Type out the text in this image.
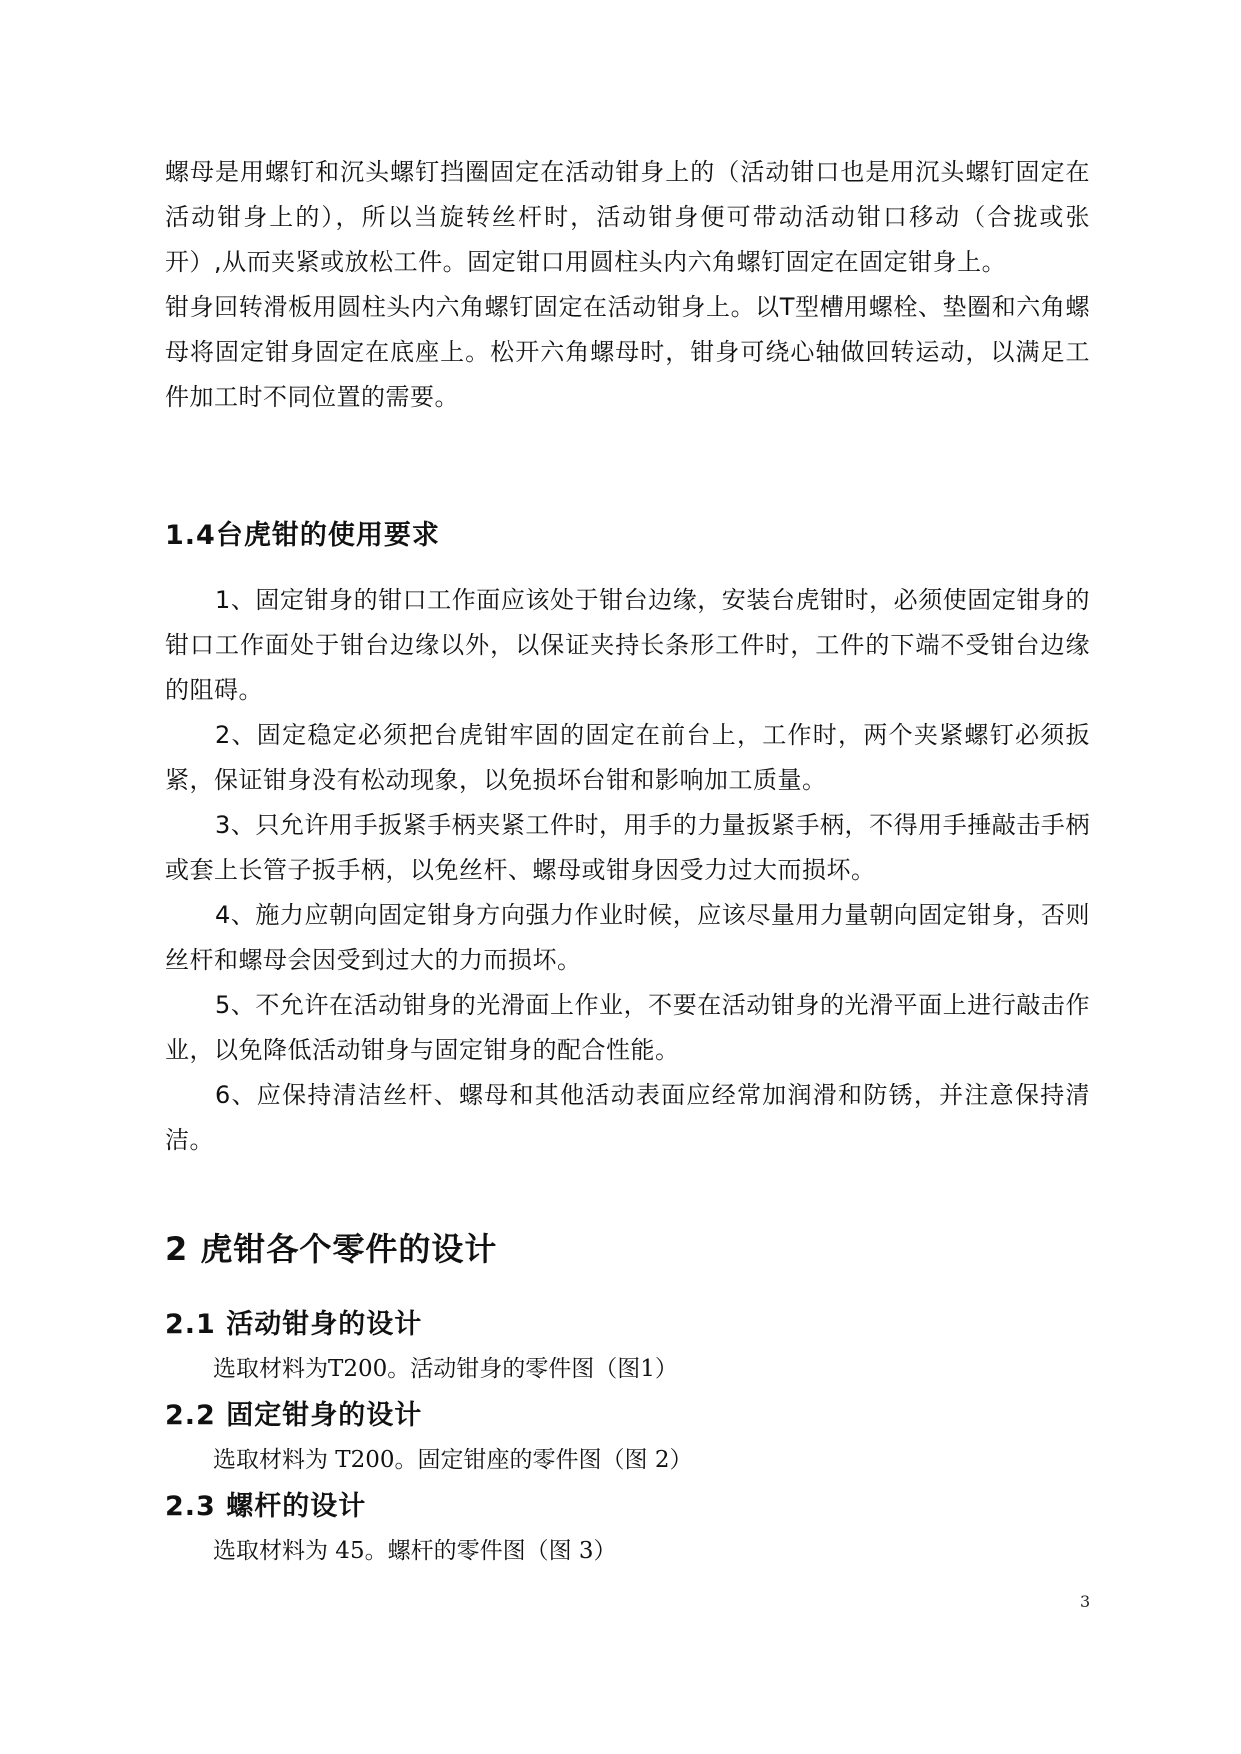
螺母是用螺钉和沉头螺钉挡圈固定在活动钳身上的（活动钳口也是用沉头螺钉固定在活动钳身上的），所以当旋转丝杆时，活动钳身便可带动活动钳口移动（合拢或张开）,从而夹紧或放松工件。固定钳口用圆柱头内六角螺钉固定在固定钳身上。

钳身回转滑板用圆柱头内六角螺钉固定在活动钳身上。以T型槽用螺栓、垫圈和六角螺母将固定钳身固定在底座上。松开六角螺母时，钳身可绕心轴做回转运动，以满足工件加工时不同位置的需要。

1.4台虎钳的使用要求

1、固定钳身的钳口工作面应该处于钳台边缘，安装台虎钳时，必须使固定钳身的钳口工作面处于钳台边缘以外，以保证夹持长条形工件时，工件的下端不受钳台边缘的阻碍。

2、固定稳定必须把台虎钳牢固的固定在前台上，工作时，两个夹紧螺钉必须扳紧，保证钳身没有松动现象，以免损坏台钳和影响加工质量。

3、只允许用手扳紧手柄夹紧工件时，用手的力量扳紧手柄，不得用手捶敲击手柄或套上长管子扳手柄，以免丝杆、螺母或钳身因受力过大而损坏。

4、施力应朝向固定钳身方向强力作业时候，应该尽量用力量朝向固定钳身，否则丝杆和螺母会因受到过大的力而损坏。

5、不允许在活动钳身的光滑面上作业，不要在活动钳身的光滑平面上进行敲击作业，以免降低活动钳身与固定钳身的配合性能。

6、应保持清洁丝杆、螺母和其他活动表面应经常加润滑和防锈，并注意保持清洁。

2 虎钳各个零件的设计
2.1 活动钳身的设计

选取材料为T200。活动钳身的零件图（图1）

2.2 固定钳身的设计

选取材料为 T200。固定钳座的零件图（图 2）

2.3 螺杆的设计

选取材料为 45。螺杆的零件图（图 3）

3
